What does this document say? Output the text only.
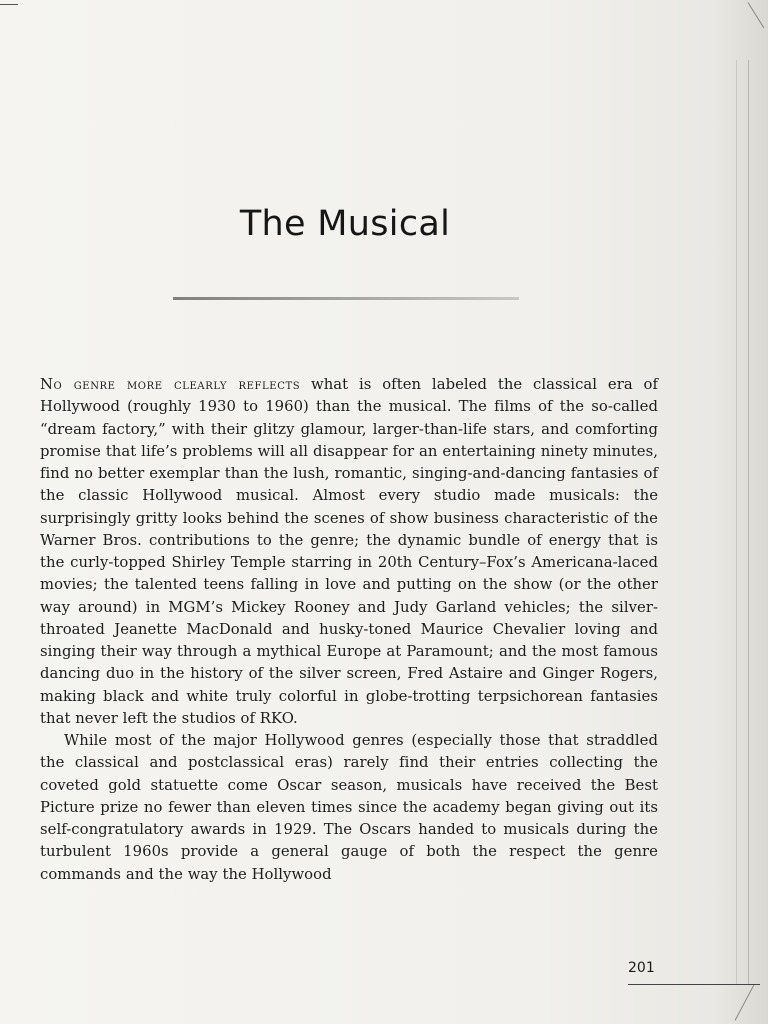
The Musical

No genre more clearly reflects what is often labeled the classical era of Hollywood (roughly 1930 to 1960) than the musical. The films of the so-called “dream factory,” with their glitzy glamour, larger-than-life stars, and comforting promise that life’s problems will all disappear for an entertaining ninety minutes, find no better exemplar than the lush, romantic, singing-and-dancing fantasies of the classic Hollywood musical. Almost every studio made musicals: the surprisingly gritty looks behind the scenes of show business characteristic of the Warner Bros. contributions to the genre; the dynamic bundle of energy that is the curly-topped Shirley Temple starring in 20th Century–Fox’s Americana-laced movies; the talented teens falling in love and putting on the show (or the other way around) in MGM’s Mickey Rooney and Judy Garland vehicles; the silver-throated Jeanette MacDonald and husky-toned Maurice Chevalier loving and singing their way through a mythical Europe at Paramount; and the most famous dancing duo in the history of the silver screen, Fred Astaire and Ginger Rogers, making black and white truly colorful in globe-trotting terpsichorean fantasies that never left the studios of RKO.

While most of the major Hollywood genres (especially those that straddled the classical and postclassical eras) rarely find their entries collecting the coveted gold statuette come Oscar season, musicals have received the Best Picture prize no fewer than eleven times since the academy began giving out its self-congratulatory awards in 1929. The Oscars handed to musicals during the turbulent 1960s provide a general gauge of both the respect the genre commands and the way the Hollywood

201
